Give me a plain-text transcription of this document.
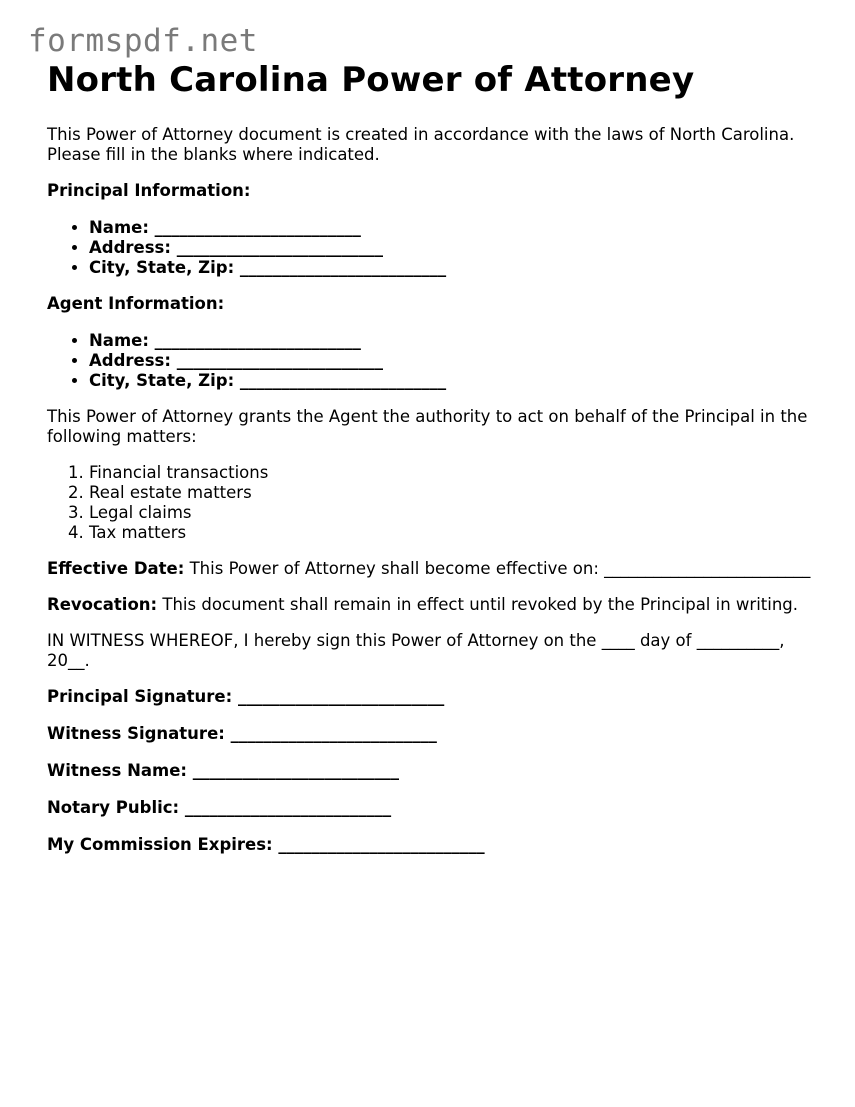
formspdf.net
North Carolina Power of Attorney

This Power of Attorney document is created in accordance with the laws of North Carolina. Please fill in the blanks where indicated.

Principal Information:
• Name: _________________________
• Address: _________________________
• City, State, Zip: _________________________
Agent Information:
• Name: _________________________
• Address: _________________________
• City, State, Zip: _________________________

This Power of Attorney grants the Agent the authority to act on behalf of the Principal in the following matters:

1. Financial transactions
2. Real estate matters
3. Legal claims
4. Tax matters

Effective Date: This Power of Attorney shall become effective on: _________________________

Revocation: This document shall remain in effect until revoked by the Principal in writing.

IN WITNESS WHEREOF, I hereby sign this Power of Attorney on the ____ day of __________, 20__.

Principal Signature: _________________________
Witness Signature: _________________________
Witness Name: _________________________
Notary Public: _________________________
My Commission Expires: _________________________
